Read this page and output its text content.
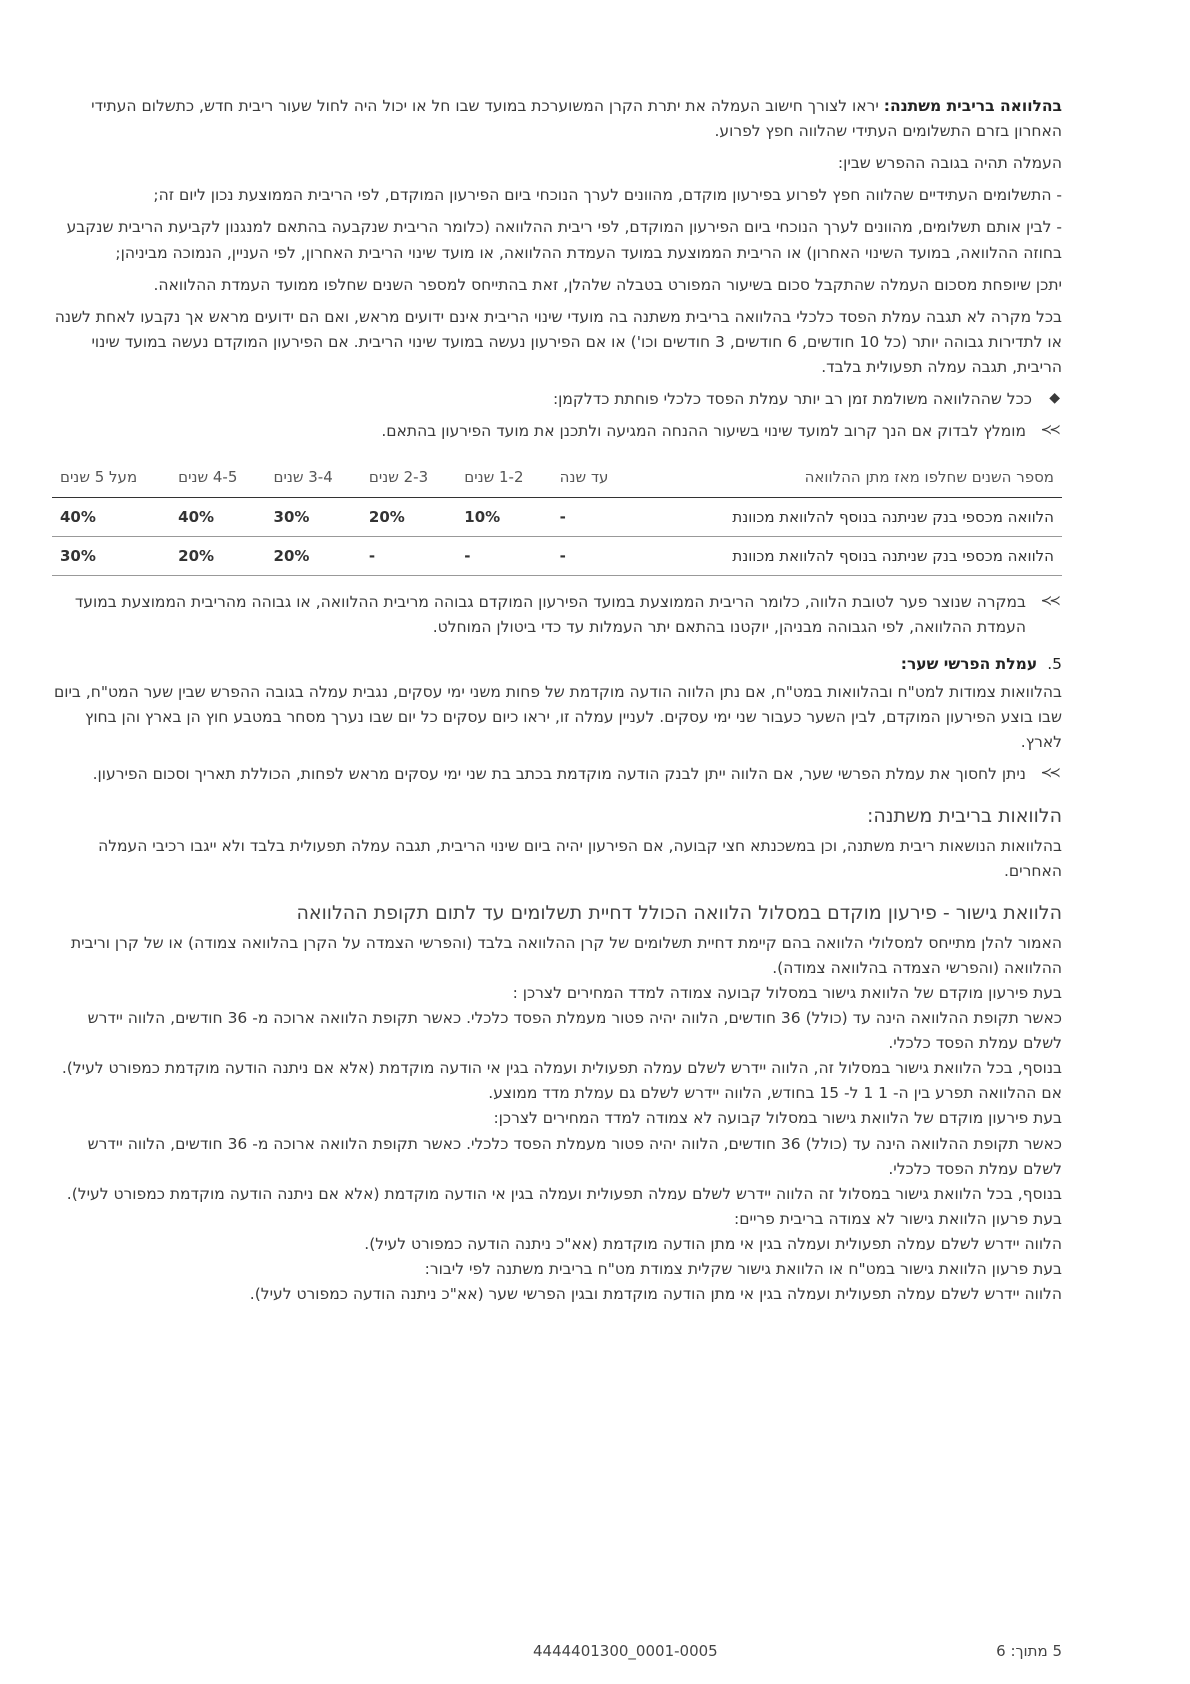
בהלוואה בריבית משתנה: יראו לצורך חישוב העמלה את יתרת הקרן המשוערכת במועד שבו חל או יכול היה לחול שעור ריבית חדש, כתשלום העתידי האחרון בזרם התשלומים העתידי שהלווה חפץ לפרוע.

העמלה תהיה בגובה ההפרש שבין:

- התשלומים העתידיים שהלווה חפץ לפרוע בפירעון מוקדם, מהוונים לערך הנוכחי ביום הפירעון המוקדם, לפי הריבית הממוצעת נכון ליום זה;

- לבין אותם תשלומים, מהוונים לערך הנוכחי ביום הפירעון המוקדם, לפי ריבית ההלוואה (כלומר הריבית שנקבעה בהתאם למנגנון לקביעת הריבית שנקבע בחוזה ההלוואה, במועד השינוי האחרון) או הריבית הממוצעת במועד העמדת ההלוואה, או מועד שינוי הריבית האחרון, לפי העניין, הנמוכה מביניהן;

יתכן שיופחת מסכום העמלה שהתקבל סכום בשיעור המפורט בטבלה שלהלן, זאת בהתייחס למספר השנים שחלפו ממועד העמדת ההלוואה.

בכל מקרה לא תגבה עמלת הפסד כלכלי בהלוואה בריבית משתנה בה מועדי שינוי הריבית אינם ידועים מראש, ואם הם ידועים מראש אך נקבעו לאחת לשנה או לתדירות גבוהה יותר (כל 10 חודשים, 6 חודשים, 3 חודשים וכו') או אם הפירעון נעשה במועד שינוי הריבית. אם הפירעון המוקדם נעשה במועד שינוי הריבית, תגבה עמלה תפעולית בלבד.

◆
ככל שההלוואה משולמת זמן רב יותר עמלת הפסד כלכלי פוחתת כדלקמן:
≻≻
מומלץ לבדוק אם הנך קרוב למועד שינוי בשיעור ההנחה המגיעה ולתכנן את מועד הפירעון בהתאם.
מספר השנים שחלפו מאז מתן ההלוואה	עד שנה	1-2 שנים	2-3 שנים	3-4 שנים	4-5 שנים	מעל 5 שנים
הלוואה מכספי בנק שניתנה בנוסף להלוואת מכוונת	-	10%	20%	30%	40%	40%
הלוואה מכספי בנק שניתנה בנוסף להלוואת מכוונת	-	-	-	20%	20%	30%
≻≻
במקרה שנוצר פער לטובת הלווה, כלומר הריבית הממוצעת במועד הפירעון המוקדם גבוהה מריבית ההלוואה, או גבוהה מהריבית הממוצעת במועד העמדת ההלוואה, לפי הגבוהה מבניהן, יוקטנו בהתאם יתר העמלות עד כדי ביטולן המוחלט.

5.עמלת הפרשי שער:

בהלוואות צמודות למט"ח ובהלוואות במט"ח, אם נתן הלווה הודעה מוקדמת של פחות משני ימי עסקים, נגבית עמלה בגובה ההפרש שבין שער המט"ח, ביום שבו בוצע הפירעון המוקדם, לבין השער כעבור שני ימי עסקים. לעניין עמלה זו, יראו כיום עסקים כל יום שבו נערך מסחר במטבע חוץ הן בארץ והן בחוץ לארץ.

≻≻
ניתן לחסוך את עמלת הפרשי שער, אם הלווה ייתן לבנק הודעה מוקדמת בכתב בת שני ימי עסקים מראש לפחות, הכוללת תאריך וסכום הפירעון.

הלוואות בריבית משתנה:

בהלוואות הנושאות ריבית משתנה, וכן במשכנתא חצי קבועה, אם הפירעון יהיה ביום שינוי הריבית, תגבה עמלה תפעולית בלבד ולא ייגבו רכיבי העמלה האחרים.

הלוואת גישור - פירעון מוקדם במסלול הלוואה הכולל דחיית תשלומים עד לתום תקופת ההלוואה

האמור להלן מתייחס למסלולי הלוואה בהם קיימת דחיית תשלומים של קרן ההלוואה בלבד (והפרשי הצמדה על הקרן בהלוואה צמודה) או של קרן וריבית ההלוואה (והפרשי הצמדה בהלוואה צמודה).

בעת פירעון מוקדם של הלוואת גישור במסלול קבועה צמודה למדד המחירים לצרכן :

כאשר תקופת ההלוואה הינה עד (כולל) 36 חודשים, הלווה יהיה פטור מעמלת הפסד כלכלי. כאשר תקופת הלוואה ארוכה מ- 36 חודשים, הלווה יידרש לשלם עמלת הפסד כלכלי.

בנוסף, בכל הלוואת גישור במסלול זה, הלווה יידרש לשלם עמלה תפעולית ועמלה בגין אי הודעה מוקדמת (אלא אם ניתנה הודעה מוקדמת כמפורט לעיל). אם ההלוואה תפרע בין ה- 1 1 ל- 15 בחודש, הלווה יידרש לשלם גם עמלת מדד ממוצע.

בעת פירעון מוקדם של הלוואת גישור במסלול קבועה לא צמודה למדד המחירים לצרכן:

כאשר תקופת ההלוואה הינה עד (כולל) 36 חודשים, הלווה יהיה פטור מעמלת הפסד כלכלי. כאשר תקופת הלוואה ארוכה מ- 36 חודשים, הלווה יידרש לשלם עמלת הפסד כלכלי.

בנוסף, בכל הלוואת גישור במסלול זה הלווה יידרש לשלם עמלה תפעולית ועמלה בגין אי הודעה מוקדמת (אלא אם ניתנה הודעה מוקדמת כמפורט לעיל).

בעת פרעון הלוואת גישור לא צמודה בריבית פריים:

הלווה יידרש לשלם עמלה תפעולית ועמלה בגין אי מתן הודעה מוקדמת (אא"כ ניתנה הודעה כמפורט לעיל).

בעת פרעון הלוואת גישור במט"ח או הלוואת גישור שקלית צמודת מט"ח בריבית משתנה לפי ליבור:

הלווה יידרש לשלם עמלה תפעולית ועמלה בגין אי מתן הודעה מוקדמת ובגין הפרשי שער (אא"כ ניתנה הודעה כמפורט לעיל).

4444401300_0001-0005	5 מתוך: 6
